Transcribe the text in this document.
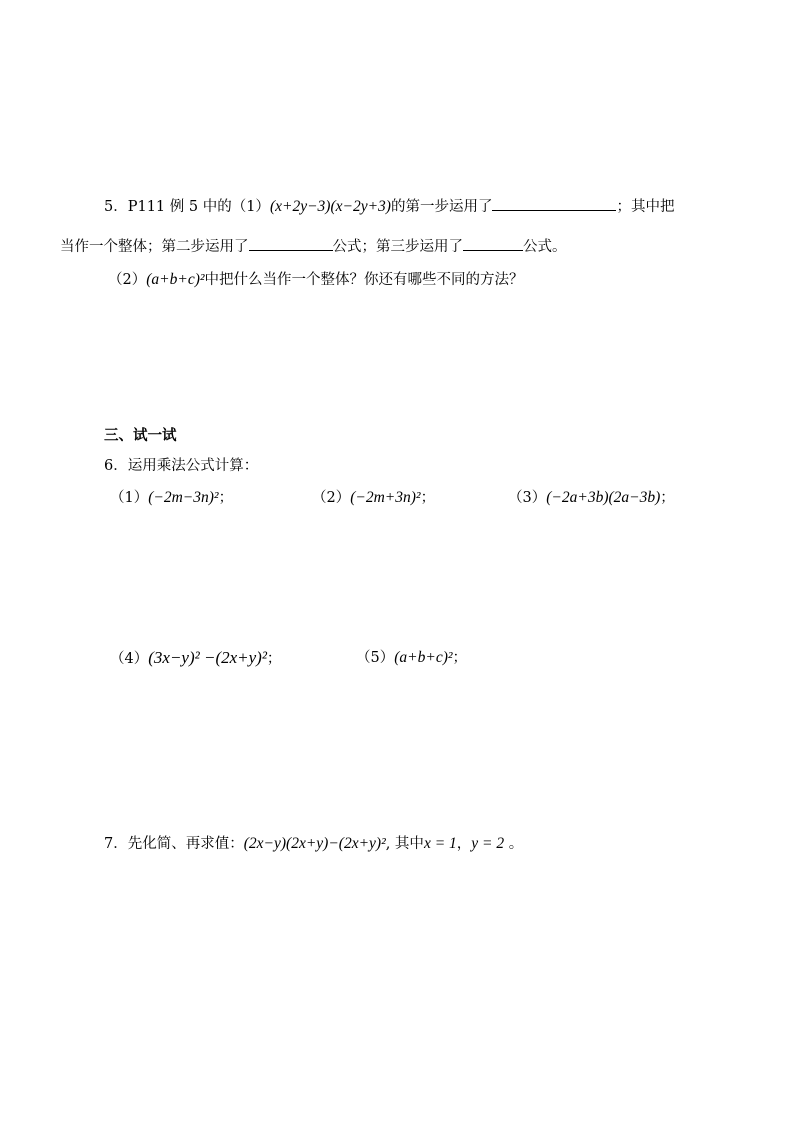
5．P111 例 5 中的（1）(x+2y−3)(x−2y+3)的第一步运用了	；其中把
当作一个整体；第二步运用了	公式；第三步运用了	公式。
（2）(a+b+c)²中把什么当作一个整体？你还有哪些不同的方法？
三、试一试
6．运用乘法公式计算：
（1）(−2m−3n)²；	（2）(−2m+3n)²；	（3）(−2a+3b)(2a−3b)；
（4）(3x−y)² −(2x+y)²；	（5）(a+b+c)²；
7．先化简、再求值：(2x−y)(2x+y)−(2x+y)², 其中x = 1，y = 2 。
